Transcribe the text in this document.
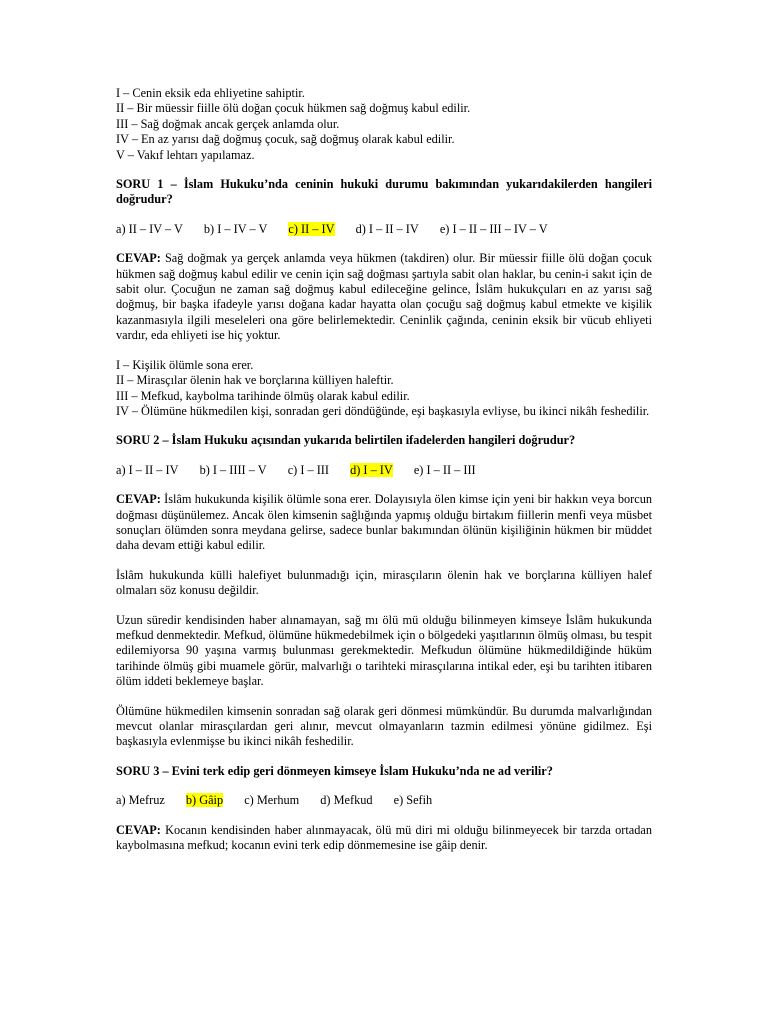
I – Cenin eksik eda ehliyetine sahiptir.

II – Bir müessir fiille ölü doğan çocuk hükmen sağ doğmuş kabul edilir.

III – Sağ doğmak ancak gerçek anlamda olur.

IV – En az yarısı dağ doğmuş çocuk, sağ doğmuş olarak kabul edilir.

V – Vakıf lehtarı yapılamaz.

SORU 1 – İslam Hukuku’nda ceninin hukuki durumu bakımından yukarıdakilerden hangileri doğrudur?

a) II – IV – V b) I – IV – V c) II – IV d) I – II – IV e) I – II – III – IV – V

CEVAP: Sağ doğmak ya gerçek anlamda veya hükmen (takdiren) olur. Bir müessir fiille ölü doğan çocuk hükmen sağ doğmuş kabul edilir ve cenin için sağ doğması şartıyla sabit olan haklar, bu cenin-i sakıt için de sabit olur. Çocuğun ne zaman sağ doğmuş kabul edileceğine gelince, İslâm hukukçuları en az yarısı sağ doğmuş, bir başka ifadeyle yarısı doğana kadar hayatta olan çocuğu sağ doğmuş kabul etmekte ve kişilik kazanmasıyla ilgili meseleleri ona göre belirlemektedir. Ceninlik çağında, ceninin eksik bir vücub ehliyeti vardır, eda ehliyeti ise hiç yoktur.

I – Kişilik ölümle sona erer.

II – Mirasçılar ölenin hak ve borçlarına külliyen haleftir.

III – Mefkud, kaybolma tarihinde ölmüş olarak kabul edilir.

IV – Ölümüne hükmedilen kişi, sonradan geri döndüğünde, eşi başkasıyla evliyse, bu ikinci nikâh feshedilir.

SORU 2 – İslam Hukuku açısından yukarıda belirtilen ifadelerden hangileri doğrudur?

a) I – II – IV b) I – IIII – V c) I – III d) I – IV e) I – II – III

CEVAP: İslâm hukukunda kişilik ölümle sona erer. Dolayısıyla ölen kimse için yeni bir hakkın veya borcun doğması düşünülemez. Ancak ölen kimsenin sağlığında yapmış olduğu birtakım fiillerin menfi veya müsbet sonuçları ölümden sonra meydana gelirse, sadece bunlar bakımından ölünün kişiliğinin hükmen bir müddet daha devam ettiği kabul edilir.

İslâm hukukunda külli halefiyet bulunmadığı için, mirasçıların ölenin hak ve borçlarına külliyen halef olmaları söz konusu değildir.

Uzun süredir kendisinden haber alınamayan, sağ mı ölü mü olduğu bilinmeyen kimseye İslâm hukukunda mefkud denmektedir. Mefkud, ölümüne hükmedebilmek için o bölgedeki yaşıtlarının ölmüş olması, bu tespit edilemiyorsa 90 yaşına varmış bulunması gerekmektedir. Mefkudun ölümüne hükmedildiğinde hüküm tarihinde ölmüş gibi muamele görür, malvarlığı o tarihteki mirasçılarına intikal eder, eşi bu tarihten itibaren ölüm iddeti beklemeye başlar.

Ölümüne hükmedilen kimsenin sonradan sağ olarak geri dönmesi mümkündür. Bu durumda malvarlığından mevcut olanlar mirasçılardan geri alınır, mevcut olmayanların tazmin edilmesi yönüne gidilmez. Eşi başkasıyla evlenmişse bu ikinci nikâh feshedilir.

SORU 3 – Evini terk edip geri dönmeyen kimseye İslam Hukuku’nda ne ad verilir?

a) Mefruz b) Gâip c) Merhum d) Mefkud e) Sefih

CEVAP: Kocanın kendisinden haber alınmayacak, ölü mü diri mi olduğu bilinmeyecek bir tarzda ortadan kaybolmasına mefkud; kocanın evini terk edip dönmemesine ise gâip denir.
